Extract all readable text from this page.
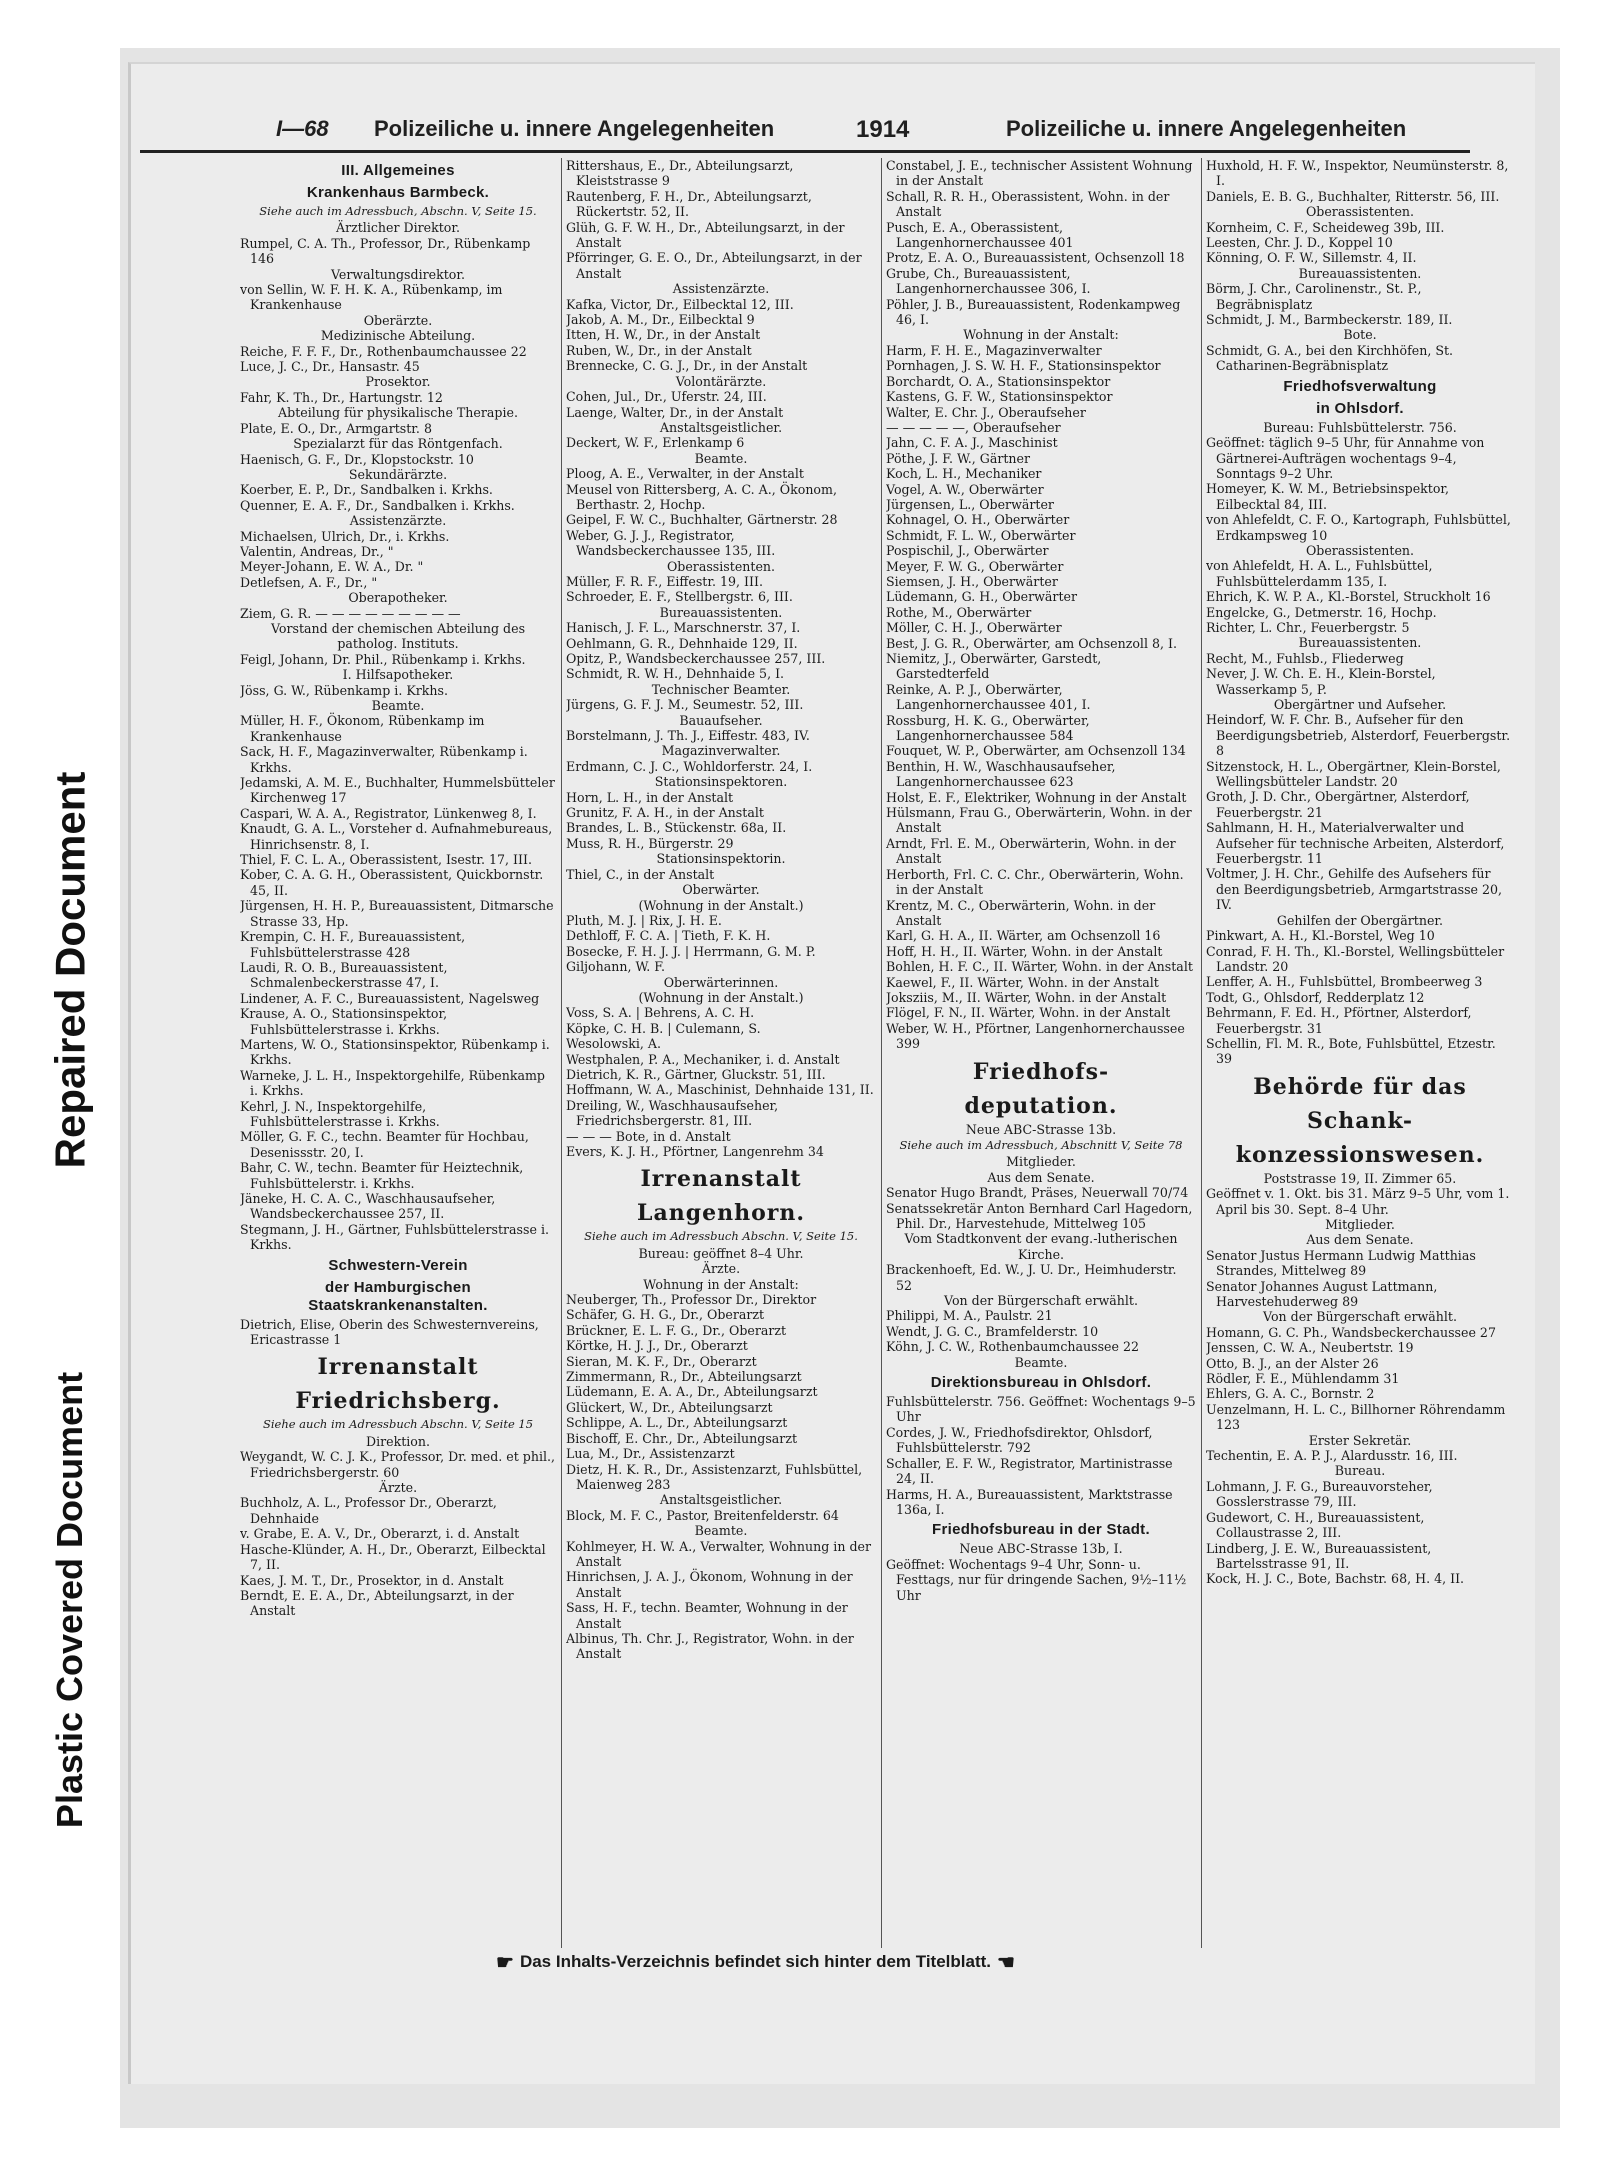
Repaired Document
Plastic Covered Document
I—68 Polizeiliche u. innere Angelegenheiten	1914	Polizeiliche u. innere Angelegenheiten

III. Allgemeines

Krankenhaus Barmbeck.

Siehe auch im Adressbuch, Abschn. V, Seite 15.

Ärztlicher Direktor.

Rumpel, C. A. Th., Professor, Dr., Rübenkamp 146

Verwaltungsdirektor.

von Sellin, W. F. H. K. A., Rübenkamp, im Krankenhause

Oberärzte.

Medizinische Abteilung.

Reiche, F. F. F., Dr., Rothenbaumchaussee 22

Luce, J. C., Dr., Hansastr. 45

Prosektor.

Fahr, K. Th., Dr., Hartungstr. 12

Abteilung für physikalische Therapie.

Plate, E. O., Dr., Armgartstr. 8

Spezialarzt für das Röntgenfach.

Haenisch, G. F., Dr., Klopstockstr. 10

Sekundärärzte.

Koerber, E. P., Dr., Sandbalken i. Krkhs.

Quenner, E. A. F., Dr., Sandbalken i. Krkhs.

Assistenzärzte.

Michaelsen, Ulrich, Dr., i. Krkhs.

Valentin, Andreas, Dr., "

Meyer-Johann, E. W. A., Dr. "

Detlefsen, A. F., Dr., "

Oberapotheker.

Ziem, G. R. — — — — — — — — —

Vorstand der chemischen Abteilung des patholog. Instituts.

Feigl, Johann, Dr. Phil., Rübenkamp i. Krkhs.

I. Hilfsapotheker.

Jöss, G. W., Rübenkamp i. Krkhs.

Beamte.

Müller, H. F., Ökonom, Rübenkamp im Krankenhause

Sack, H. F., Magazinverwalter, Rübenkamp i. Krkhs.

Jedamski, A. M. E., Buchhalter, Hummelsbütteler Kirchenweg 17

Caspari, W. A. A., Registrator, Lünkenweg 8, I.

Knaudt, G. A. L., Vorsteher d. Aufnahmebureaus, Hinrichsenstr. 8, I.

Thiel, F. C. L. A., Oberassistent, Isestr. 17, III.

Kober, C. A. G. H., Oberassistent, Quickbornstr. 45, II.

Jürgensen, H. H. P., Bureauassistent, Ditmarsche Strasse 33, Hp.

Krempin, C. H. F., Bureauassistent, Fuhlsbüttelerstrasse 428

Laudi, R. O. B., Bureauassistent, Schmalenbeckerstrasse 47, I.

Lindener, A. F. C., Bureauassistent, Nagelsweg

Krause, A. O., Stationsinspektor, Fuhlsbüttelerstrasse i. Krkhs.

Martens, W. O., Stationsinspektor, Rübenkamp i. Krkhs.

Warneke, J. L. H., Inspektorgehilfe, Rübenkamp i. Krkhs.

Kehrl, J. N., Inspektorgehilfe, Fuhlsbüttelerstrasse i. Krkhs.

Möller, G. F. C., techn. Beamter für Hochbau, Desenissstr. 20, I.

Bahr, C. W., techn. Beamter für Heiztechnik, Fuhlsbüttelerstr. i. Krkhs.

Jäneke, H. C. A. C., Waschhausaufseher, Wandsbeckerchaussee 257, II.

Stegmann, J. H., Gärtner, Fuhlsbüttelerstrasse i. Krkhs.

Schwestern-Verein

der Hamburgischen Staatskrankenanstalten.

Dietrich, Elise, Oberin des Schwesternvereins, Ericastrasse 1

Irrenanstalt

Friedrichsberg.

Siehe auch im Adressbuch Abschn. V, Seite 15

Direktion.

Weygandt, W. C. J. K., Professor, Dr. med. et phil., Friedrichsbergerstr. 60

Ärzte.

Buchholz, A. L., Professor Dr., Oberarzt, Dehnhaide

v. Grabe, E. A. V., Dr., Oberarzt, i. d. Anstalt

Hasche-Klünder, A. H., Dr., Oberarzt, Eilbecktal 7, II.

Kaes, J. M. T., Dr., Prosektor, in d. Anstalt

Berndt, E. E. A., Dr., Abteilungsarzt, in der Anstalt

Rittershaus, E., Dr., Abteilungsarzt, Kleiststrasse 9

Rautenberg, F. H., Dr., Abteilungsarzt, Rückertstr. 52, II.

Glüh, G. F. W. H., Dr., Abteilungsarzt, in der Anstalt

Pförringer, G. E. O., Dr., Abteilungsarzt, in der Anstalt

Assistenzärzte.

Kafka, Victor, Dr., Eilbecktal 12, III.

Jakob, A. M., Dr., Eilbecktal 9

Itten, H. W., Dr., in der Anstalt

Ruben, W., Dr., in der Anstalt

Brennecke, C. G. J., Dr., in der Anstalt

Volontärärzte.

Cohen, Jul., Dr., Uferstr. 24, III.

Laenge, Walter, Dr., in der Anstalt

Anstaltsgeistlicher.

Deckert, W. F., Erlenkamp 6

Beamte.

Ploog, A. E., Verwalter, in der Anstalt

Meusel von Rittersberg, A. C. A., Ökonom, Berthastr. 2, Hochp.

Geipel, F. W. C., Buchhalter, Gärtnerstr. 28

Weber, G. J. J., Registrator, Wandsbeckerchaussee 135, III.

Oberassistenten.

Müller, F. R. F., Eiffestr. 19, III.

Schroeder, E. F., Stellbergstr. 6, III.

Bureauassistenten.

Hanisch, J. F. L., Marschnerstr. 37, I.

Oehlmann, G. R., Dehnhaide 129, II.

Opitz, P., Wandsbeckerchaussee 257, III.

Schmidt, R. W. H., Dehnhaide 5, I.

Technischer Beamter.

Jürgens, G. F. J. M., Seumestr. 52, III.

Bauaufseher.

Borstelmann, J. Th. J., Eiffestr. 483, IV.

Magazinverwalter.

Erdmann, C. J. C., Wohldorferstr. 24, I.

Stationsinspektoren.

Horn, L. H., in der Anstalt

Grunitz, F. A. H., in der Anstalt

Brandes, L. B., Stückenstr. 68a, II.

Muss, R. H., Bürgerstr. 29

Stationsinspektorin.

Thiel, C., in der Anstalt

Oberwärter.

(Wohnung in der Anstalt.)

Pluth, M. J. | Rix, J. H. E.

Dethloff, F. C. A. | Tieth, F. K. H.

Bosecke, F. H. J. J. | Herrmann, G. M. P.

Giljohann, W. F.

Oberwärterinnen.

(Wohnung in der Anstalt.)

Voss, S. A. | Behrens, A. C. H.

Köpke, C. H. B. | Culemann, S.

Wesolowski, A.

Westphalen, P. A., Mechaniker, i. d. Anstalt

Dietrich, K. R., Gärtner, Gluckstr. 51, III.

Hoffmann, W. A., Maschinist, Dehnhaide 131, II.

Dreiling, W., Waschhausaufseher, Friedrichsbergerstr. 81, III.

— — — Bote, in d. Anstalt

Evers, K. J. H., Pförtner, Langenrehm 34

Irrenanstalt

Langenhorn.

Siehe auch im Adressbuch Abschn. V, Seite 15.

Bureau: geöffnet 8–4 Uhr.

Ärzte.

Wohnung in der Anstalt:

Neuberger, Th., Professor Dr., Direktor

Schäfer, G. H. G., Dr., Oberarzt

Brückner, E. L. F. G., Dr., Oberarzt

Körtke, H. J. J., Dr., Oberarzt

Sieran, M. K. F., Dr., Oberarzt

Zimmermann, R., Dr., Abteilungsarzt

Lüdemann, E. A. A., Dr., Abteilungsarzt

Glückert, W., Dr., Abteilungsarzt

Schlippe, A. L., Dr., Abteilungsarzt

Bischoff, E. Chr., Dr., Abteilungsarzt

Lua, M., Dr., Assistenzarzt

Dietz, H. K. R., Dr., Assistenzarzt, Fuhlsbüttel, Maienweg 283

Anstaltsgeistlicher.

Block, M. F. C., Pastor, Breitenfelderstr. 64

Beamte.

Kohlmeyer, H. W. A., Verwalter, Wohnung in der Anstalt

Hinrichsen, J. A. J., Ökonom, Wohnung in der Anstalt

Sass, H. F., techn. Beamter, Wohnung in der Anstalt

Albinus, Th. Chr. J., Registrator, Wohn. in der Anstalt

Constabel, J. E., technischer Assistent Wohnung in der Anstalt

Schall, R. R. H., Oberassistent, Wohn. in der Anstalt

Pusch, E. A., Oberassistent, Langenhornerchaussee 401

Protz, E. A. O., Bureauassistent, Ochsenzoll 18

Grube, Ch., Bureauassistent, Langenhornerchaussee 306, I.

Pöhler, J. B., Bureauassistent, Rodenkampweg 46, I.

Wohnung in der Anstalt:

Harm, F. H. E., Magazinverwalter

Pornhagen, J. S. W. H. F., Stationsinspektor

Borchardt, O. A., Stationsinspektor

Kastens, G. F. W., Stationsinspektor

Walter, E. Chr. J., Oberaufseher

— — — — —, Oberaufseher

Jahn, C. F. A. J., Maschinist

Pöthe, J. F. W., Gärtner

Koch, L. H., Mechaniker

Vogel, A. W., Oberwärter

Jürgensen, L., Oberwärter

Kohnagel, O. H., Oberwärter

Schmidt, F. L. W., Oberwärter

Pospischil, J., Oberwärter

Meyer, F. W. G., Oberwärter

Siemsen, J. H., Oberwärter

Lüdemann, G. H., Oberwärter

Rothe, M., Oberwärter

Möller, C. H. J., Oberwärter

Best, J. G. R., Oberwärter, am Ochsenzoll 8, I.

Niemitz, J., Oberwärter, Garstedt, Garstedterfeld

Reinke, A. P. J., Oberwärter, Langenhornerchaussee 401, I.

Rossburg, H. K. G., Oberwärter, Langenhornerchaussee 584

Fouquet, W. P., Oberwärter, am Ochsenzoll 134

Benthin, H. W., Waschhausaufseher, Langenhornerchaussee 623

Holst, E. F., Elektriker, Wohnung in der Anstalt

Hülsmann, Frau G., Oberwärterin, Wohn. in der Anstalt

Arndt, Frl. E. M., Oberwärterin, Wohn. in der Anstalt

Herborth, Frl. C. C. Chr., Oberwärterin, Wohn. in der Anstalt

Krentz, M. C., Oberwärterin, Wohn. in der Anstalt

Karl, G. H. A., II. Wärter, am Ochsenzoll 16

Hoff, H. H., II. Wärter, Wohn. in der Anstalt

Bohlen, H. F. C., II. Wärter, Wohn. in der Anstalt

Kaewel, F., II. Wärter, Wohn. in der Anstalt

Joksziis, M., II. Wärter, Wohn. in der Anstalt

Flögel, F. N., II. Wärter, Wohn. in der Anstalt

Weber, W. H., Pförtner, Langenhornerchaussee 399

Friedhofs-

deputation.

Neue ABC-Strasse 13b.

Siehe auch im Adressbuch, Abschnitt V, Seite 78

Mitglieder.

Aus dem Senate.

Senator Hugo Brandt, Präses, Neuerwall 70/74

Senatssekretär Anton Bernhard Carl Hagedorn, Phil. Dr., Harvestehude, Mittelweg 105

Vom Stadtkonvent der evang.-lutherischen Kirche.

Brackenhoeft, Ed. W., J. U. Dr., Heimhuderstr. 52

Von der Bürgerschaft erwählt.

Philippi, M. A., Paulstr. 21

Wendt, J. G. C., Bramfelderstr. 10

Köhn, J. C. W., Rothenbaumchaussee 22

Beamte.

Direktionsbureau in Ohlsdorf.

Fuhlsbüttelerstr. 756. Geöffnet: Wochentags 9–5 Uhr

Cordes, J. W., Friedhofsdirektor, Ohlsdorf, Fuhlsbüttelerstr. 792

Schaller, E. F. W., Registrator, Martinistrasse 24, II.

Harms, H. A., Bureauassistent, Marktstrasse 136a, I.

Friedhofsbureau in der Stadt.

Neue ABC-Strasse 13b, I.

Geöffnet: Wochentags 9–4 Uhr, Sonn- u. Festtags, nur für dringende Sachen, 9½–11½ Uhr

Huxhold, H. F. W., Inspektor, Neumünsterstr. 8, I.

Daniels, E. B. G., Buchhalter, Ritterstr. 56, III.

Oberassistenten.

Kornheim, C. F., Scheideweg 39b, III.

Leesten, Chr. J. D., Koppel 10

Könning, O. F. W., Sillemstr. 4, II.

Bureauassistenten.

Börm, J. Chr., Carolinenstr., St. P., Begräbnisplatz

Schmidt, J. M., Barmbeckerstr. 189, II.

Bote.

Schmidt, G. A., bei den Kirchhöfen, St. Catharinen-Begräbnisplatz

Friedhofsverwaltung

in Ohlsdorf.

Bureau: Fuhlsbüttelerstr. 756.

Geöffnet: täglich 9–5 Uhr, für Annahme von Gärtnerei-Aufträgen wochentags 9–4, Sonntags 9–2 Uhr.

Homeyer, K. W. M., Betriebsinspektor, Eilbecktal 84, III.

von Ahlefeldt, C. F. O., Kartograph, Fuhlsbüttel, Erdkampsweg 10

Oberassistenten.

von Ahlefeldt, H. A. L., Fuhlsbüttel, Fuhlsbüttelerdamm 135, I.

Ehrich, K. W. P. A., Kl.-Borstel, Struckholt 16

Engelcke, G., Detmerstr. 16, Hochp.

Richter, L. Chr., Feuerbergstr. 5

Bureauassistenten.

Recht, M., Fuhlsb., Fliederweg

Never, J. W. Ch. E. H., Klein-Borstel, Wasserkamp 5, P.

Obergärtner und Aufseher.

Heindorf, W. F. Chr. B., Aufseher für den Beerdigungsbetrieb, Alsterdorf, Feuerbergstr. 8

Sitzenstock, H. L., Obergärtner, Klein-Borstel, Wellingsbütteler Landstr. 20

Groth, J. D. Chr., Obergärtner, Alsterdorf, Feuerbergstr. 21

Sahlmann, H. H., Materialverwalter und Aufseher für technische Arbeiten, Alsterdorf, Feuerbergstr. 11

Voltmer, J. H. Chr., Gehilfe des Aufsehers für den Beerdigungsbetrieb, Armgartstrasse 20, IV.

Gehilfen der Obergärtner.

Pinkwart, A. H., Kl.-Borstel, Weg 10

Conrad, F. H. Th., Kl.-Borstel, Wellingsbütteler Landstr. 20

Lenffer, A. H., Fuhlsbüttel, Brombeerweg 3

Todt, G., Ohlsdorf, Redderplatz 12

Behrmann, F. Ed. H., Pförtner, Alsterdorf, Feuerbergstr. 31

Schellin, Fl. M. R., Bote, Fuhlsbüttel, Etzestr. 39

Behörde für das

Schank-

konzessionswesen.

Poststrasse 19, II. Zimmer 65.

Geöffnet v. 1. Okt. bis 31. März 9–5 Uhr, vom 1. April bis 30. Sept. 8–4 Uhr.

Mitglieder.

Aus dem Senate.

Senator Justus Hermann Ludwig Matthias Strandes, Mittelweg 89

Senator Johannes August Lattmann, Harvestehuderweg 89

Von der Bürgerschaft erwählt.

Homann, G. C. Ph., Wandsbeckerchaussee 27

Jenssen, C. W. A., Neubertstr. 19

Otto, B. J., an der Alster 26

Rödler, F. E., Mühlendamm 31

Ehlers, G. A. C., Bornstr. 2

Uenzelmann, H. L. C., Billhorner Röhrendamm 123

Erster Sekretär.

Techentin, E. A. P. J., Alardusstr. 16, III.

Bureau.

Lohmann, J. F. G., Bureauvorsteher, Gosslerstrasse 79, III.

Gudewort, C. H., Bureauassistent, Collaustrasse 2, III.

Lindberg, J. E. W., Bureauassistent, Bartelsstrasse 91, II.

Kock, H. J. C., Bote, Bachstr. 68, H. 4, II.

☛ Das Inhalts-Verzeichnis befindet sich hinter dem Titelblatt. ☚
